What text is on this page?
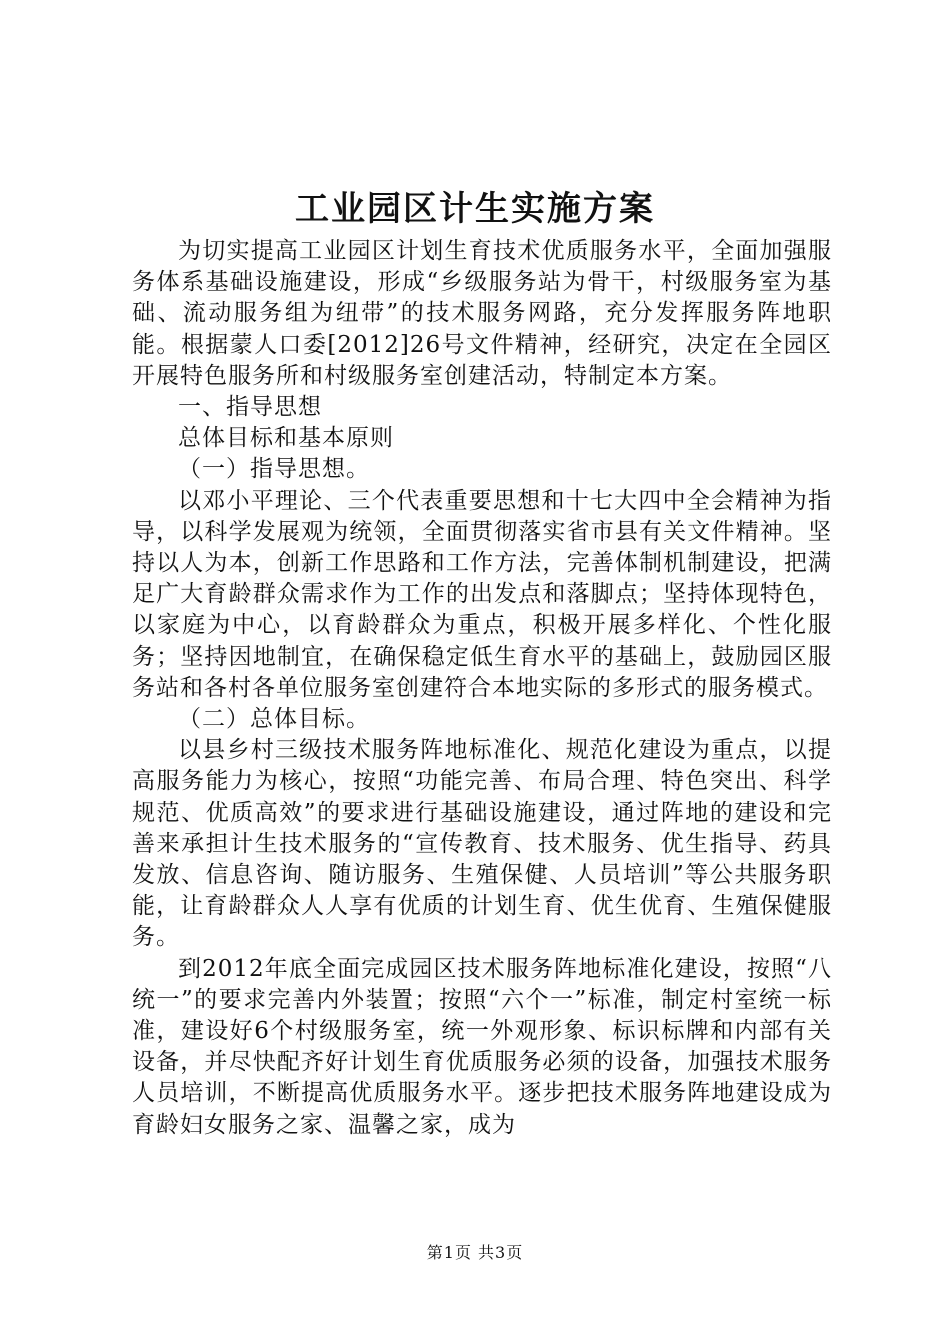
工业园区计生实施方案

为切实提高工业园区计划生育技术优质服务水平，全面加强服务体系基础设施建设，形成“乡级服务站为骨干，村级服务室为基础、流动服务组为纽带”的技术服务网路，充分发挥服务阵地职能。根据蒙人口委[2012]26号文件精神，经研究，决定在全园区开展特色服务所和村级服务室创建活动，特制定本方案。

一、指导思想

总体目标和基本原则

（一）指导思想。

以邓小平理论、三个代表重要思想和十七大四中全会精神为指导，以科学发展观为统领，全面贯彻落实省市县有关文件精神。坚持以人为本，创新工作思路和工作方法，完善体制机制建设，把满足广大育龄群众需求作为工作的出发点和落脚点；坚持体现特色，以家庭为中心，以育龄群众为重点，积极开展多样化、个性化服务；坚持因地制宜，在确保稳定低生育水平的基础上，鼓励园区服务站和各村各单位服务室创建符合本地实际的多形式的服务模式。

（二）总体目标。

以县乡村三级技术服务阵地标准化、规范化建设为重点，以提高服务能力为核心，按照“功能完善、布局合理、特色突出、科学规范、优质高效”的要求进行基础设施建设，通过阵地的建设和完善来承担计生技术服务的“宣传教育、技术服务、优生指导、药具发放、信息咨询、随访服务、生殖保健、人员培训”等公共服务职能，让育龄群众人人享有优质的计划生育、优生优育、生殖保健服务。

到2012年底全面完成园区技术服务阵地标准化建设，按照“八统一”的要求完善内外装置；按照“六个一”标准，制定村室统一标准，建设好6个村级服务室，统一外观形象、标识标牌和内部有关设备，并尽快配齐好计划生育优质服务必须的设备，加强技术服务人员培训，不断提高优质服务水平。逐步把技术服务阵地建设成为育龄妇女服务之家、温馨之家，成为

第1页 共3页
